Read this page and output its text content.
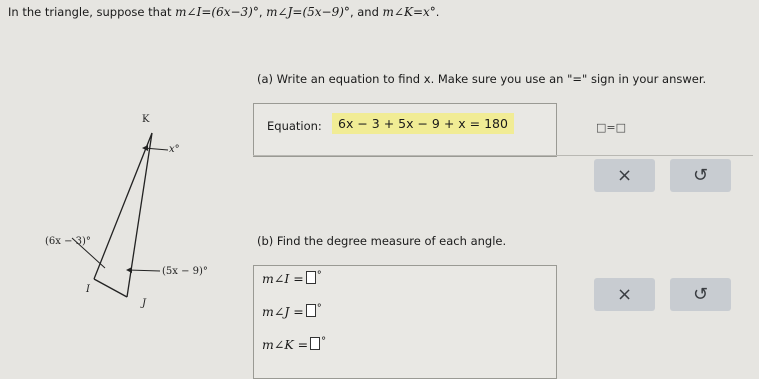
In the triangle, suppose that m∠I=(6x−3)°, m∠J=(5x−9)°, and m∠K=x°.
K
I
J
x°
(6x − 3)°
(5x − 9)°
(a) Write an equation to find x. Make sure you use an "=" sign in your answer.
Equation:	6x − 3 + 5x − 9 + x = 180	□=□
×	↺
(b) Find the degree measure of each angle.
m∠I = °
m∠J = °
m∠K = °
×	↺
